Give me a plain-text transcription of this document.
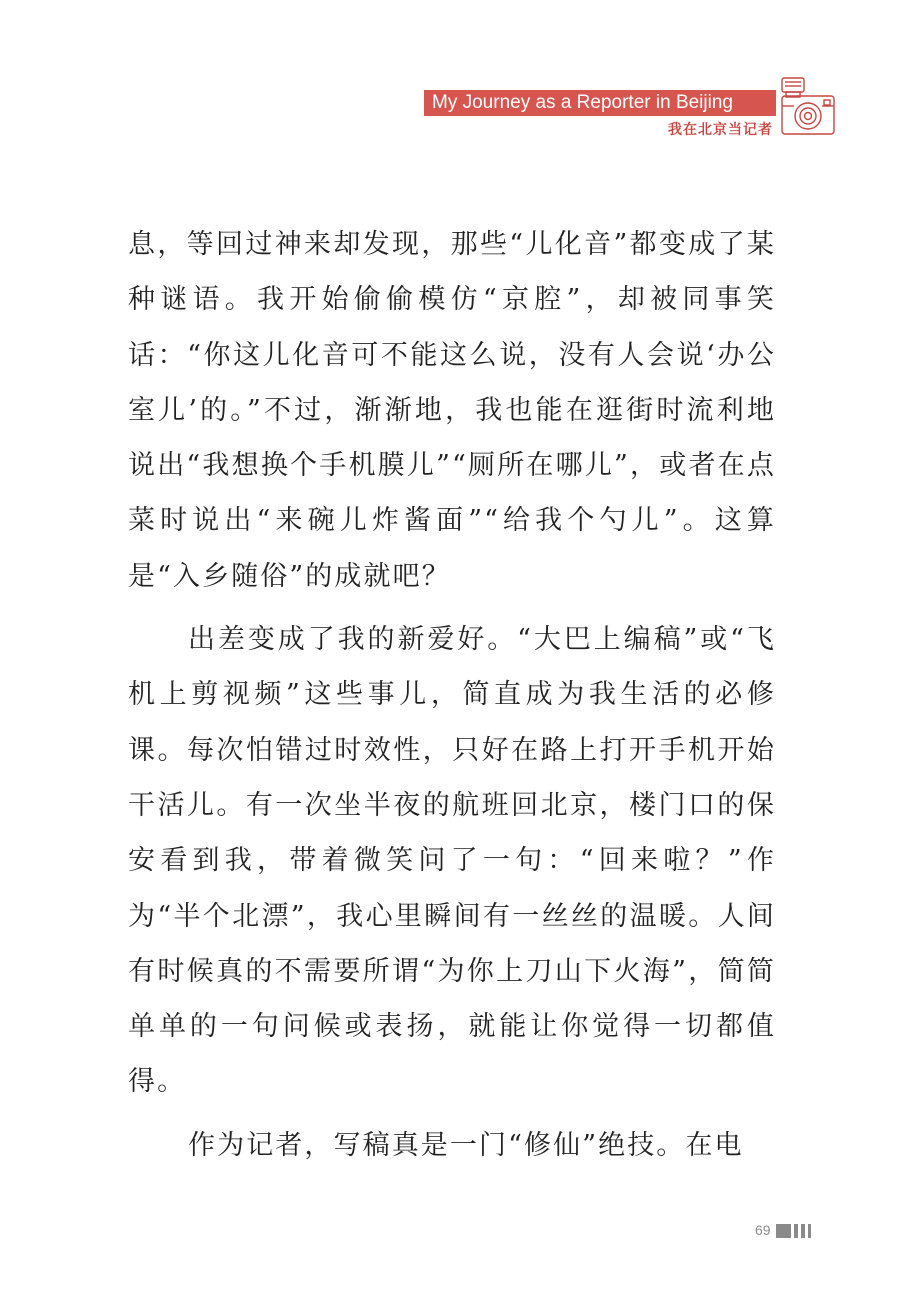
My Journey as a Reporter in Beijing
我在北京当记者

息，等回过神来却发现，那些“儿化音”都变成了某种谜语。我开始偷偷模仿“京腔”，却被同事笑话：“你这儿化音可不能这么说，没有人会说‘办公室儿’的。”不过，渐渐地，我也能在逛街时流利地说出“我想换个手机膜儿”“厕所在哪儿”，或者在点菜时说出“来碗儿炸酱面”“给我个勺儿”。这算是“入乡随俗”的成就吧？

出差变成了我的新爱好。“大巴上编稿”或“飞机上剪视频”这些事儿，简直成为我生活的必修课。每次怕错过时效性，只好在路上打开手机开始干活儿。有一次坐半夜的航班回北京，楼门口的保安看到我，带着微笑问了一句：“回来啦？”作为“半个北漂”，我心里瞬间有一丝丝的温暖。人间有时候真的不需要所谓“为你上刀山下火海”，简简单单的一句问候或表扬，就能让你觉得一切都值得。

作为记者，写稿真是一门“修仙”绝技。在电

69
